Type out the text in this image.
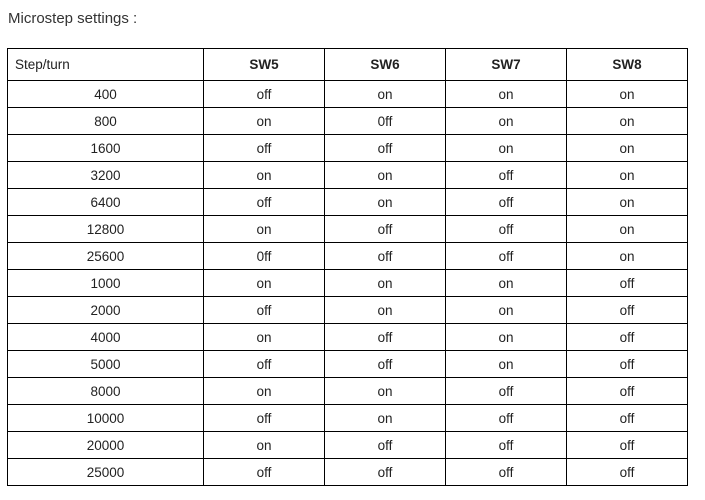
Microstep settings :
Step/turn	SW5	SW6	SW7	SW8
400	off	on	on	on
800	on	0ff	on	on
1600	off	off	on	on
3200	on	on	off	on
6400	off	on	off	on
12800	on	off	off	on
25600	0ff	off	off	on
1000	on	on	on	off
2000	off	on	on	off
4000	on	off	on	off
5000	off	off	on	off
8000	on	on	off	off
10000	off	on	off	off
20000	on	off	off	off
25000	off	off	off	off
